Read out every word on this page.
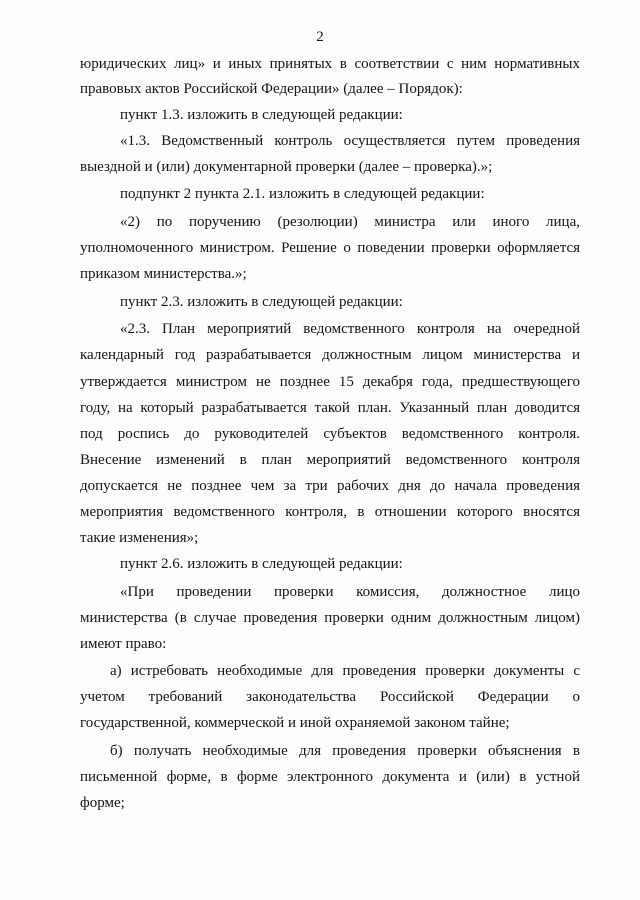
2
юридических лиц» и иных принятых в соответствии с ним нормативных
правовых актов Российской Федерации» (далее – Порядок):
пункт 1.3. изложить в следующей редакции:
«1.3. Ведомственный контроль осуществляется путем проведения
выездной и (или) документарной проверки (далее – проверка).»;
подпункт 2 пункта 2.1. изложить в следующей редакции:
«2) по поручению (резолюции) министра или иного лица,
уполномоченного министром. Решение о поведении проверки оформляется
приказом министерства.»;
пункт 2.3. изложить в следующей редакции:
«2.3. План мероприятий ведомственного контроля на очередной
календарный год разрабатывается должностным лицом министерства и
утверждается министром не позднее 15 декабря года, предшествующего
году, на который разрабатывается такой план. Указанный план доводится
под роспись до руководителей субъектов ведомственного контроля.
Внесение изменений в план мероприятий ведомственного контроля
допускается не позднее чем за три рабочих дня до начала проведения
мероприятия ведомственного контроля, в отношении которого вносятся
такие изменения»;
пункт 2.6. изложить в следующей редакции:
«При проведении проверки комиссия, должностное лицо
министерства (в случае проведения проверки одним должностным лицом)
имеют право:
а) истребовать необходимые для проведения проверки документы с
учетом требований законодательства Российской Федерации о
государственной, коммерческой и иной охраняемой законом тайне;
б) получать необходимые для проведения проверки объяснения в
письменной форме, в форме электронного документа и (или) в устной
форме;
